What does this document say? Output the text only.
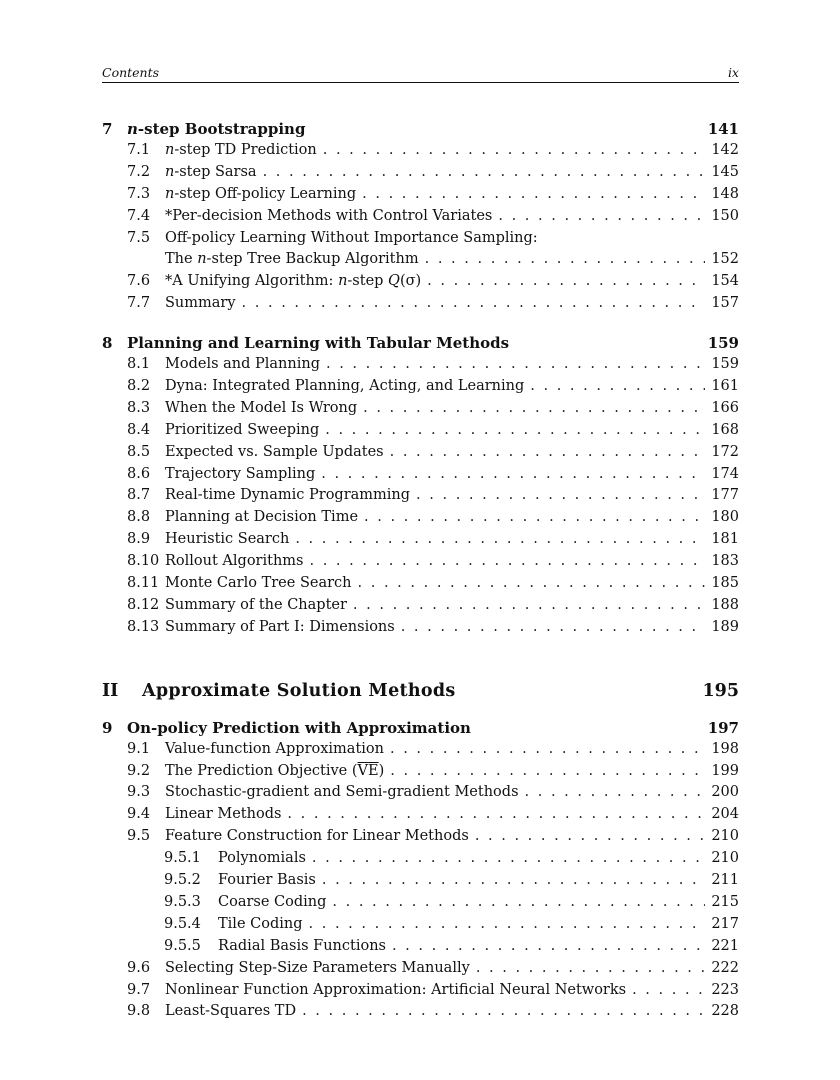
Contents	ix
7 n-step Bootstrapping	141
7.1	n-step TD Prediction . . .	142
7.2	n-step Sarsa . . .	145
7.3	n-step Off-policy Learning . . .	148
7.4	*Per-decision Methods with Control Variates . . .	150
7.5	Off-policy Learning Without Importance Sampling:
The n-step Tree Backup Algorithm . . .	152
7.6	*A Unifying Algorithm: n-step Q(σ) . . .	154
7.7	Summary . . .	157
8 Planning and Learning with Tabular Methods	159
8.1	Models and Planning . . .	159
8.2	Dyna: Integrated Planning, Acting, and Learning . . .	161
8.3	When the Model Is Wrong . . .	166
8.4	Prioritized Sweeping . . .	168
8.5	Expected vs. Sample Updates . . .	172
8.6	Trajectory Sampling . . .	174
8.7	Real-time Dynamic Programming . . .	177
8.8	Planning at Decision Time . . .	180
8.9	Heuristic Search . . .	181
8.10 Rollout Algorithms . . .	183
8.11 Monte Carlo Tree Search . . .	185
8.12 Summary of the Chapter . . .	188
8.13 Summary of Part I: Dimensions . . .	189
II	Approximate Solution Methods	195
9 On-policy Prediction with Approximation	197
9.1	Value-function Approximation . . .	198
9.2	The Prediction Objective $(\overline{VE})$ . . .	199
9.3	Stochastic-gradient and Semi-gradient Methods . . .	200
9.4	Linear Methods . . .	204
9.5	Feature Construction for Linear Methods . . .	210
9.5.1	Polynomials . . .	210
9.5.2	Fourier Basis . . .	211
9.5.3	Coarse Coding . . .	215
9.5.4	Tile Coding . . .	217
9.5.5	Radial Basis Functions . . .	221
9.6	Selecting Step-Size Parameters Manually . . .	222
9.7	Nonlinear Function Approximation: Artificial Neural Networks . . .	223
9.8	Least-Squares TD . . .	228
